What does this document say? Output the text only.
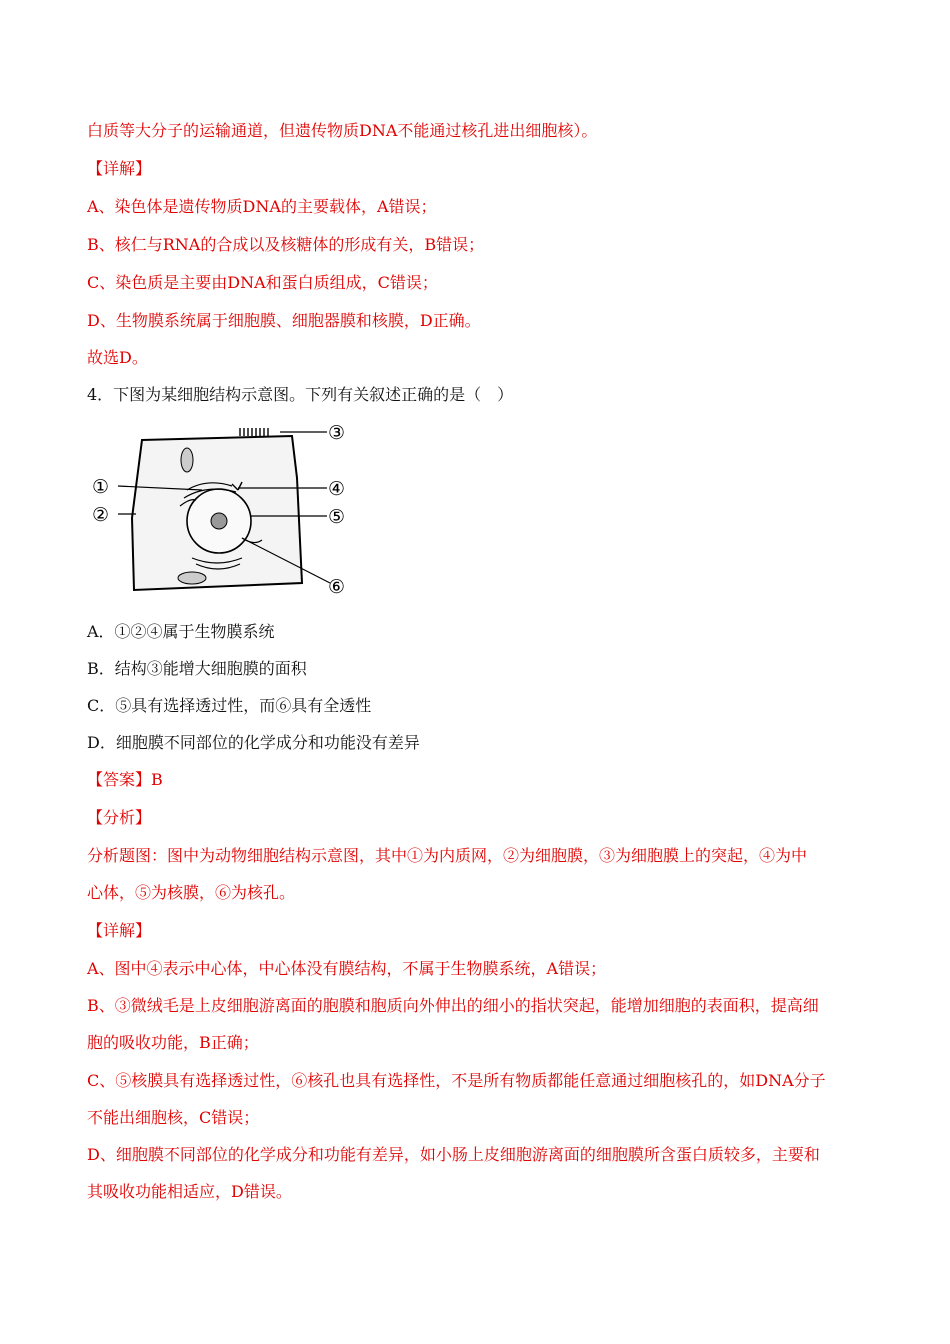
白质等大分子的运输通道，但遗传物质DNA不能通过核孔进出细胞核）。
【详解】
A、染色体是遗传物质DNA的主要载体，A错误；
B、核仁与RNA的合成以及核糖体的形成有关，B错误；
C、染色质是主要由DNA和蛋白质组成，C错误；
D、生物膜系统属于细胞膜、细胞器膜和核膜，D正确。
故选D。
4．下图为某细胞结构示意图。下列有关叙述正确的是（　）
③
①	④
②	⑤
⑥
A．①②④属于生物膜系统
B．结构③能增大细胞膜的面积
C．⑤具有选择透过性，而⑥具有全透性
D．细胞膜不同部位的化学成分和功能没有差异
【答案】B
【分析】
分析题图：图中为动物细胞结构示意图，其中①为内质网，②为细胞膜，③为细胞膜上的突起，④为中
心体，⑤为核膜，⑥为核孔。
【详解】
A、图中④表示中心体，中心体没有膜结构，不属于生物膜系统，A错误；
B、③微绒毛是上皮细胞游离面的胞膜和胞质向外伸出的细小的指状突起，能增加细胞的表面积，提高细
胞的吸收功能，B正确；
C、⑤核膜具有选择透过性，⑥核孔也具有选择性，不是所有物质都能任意通过细胞核孔的，如DNA分子
不能出细胞核，C错误；
D、细胞膜不同部位的化学成分和功能有差异，如小肠上皮细胞游离面的细胞膜所含蛋白质较多，主要和
其吸收功能相适应，D错误。
